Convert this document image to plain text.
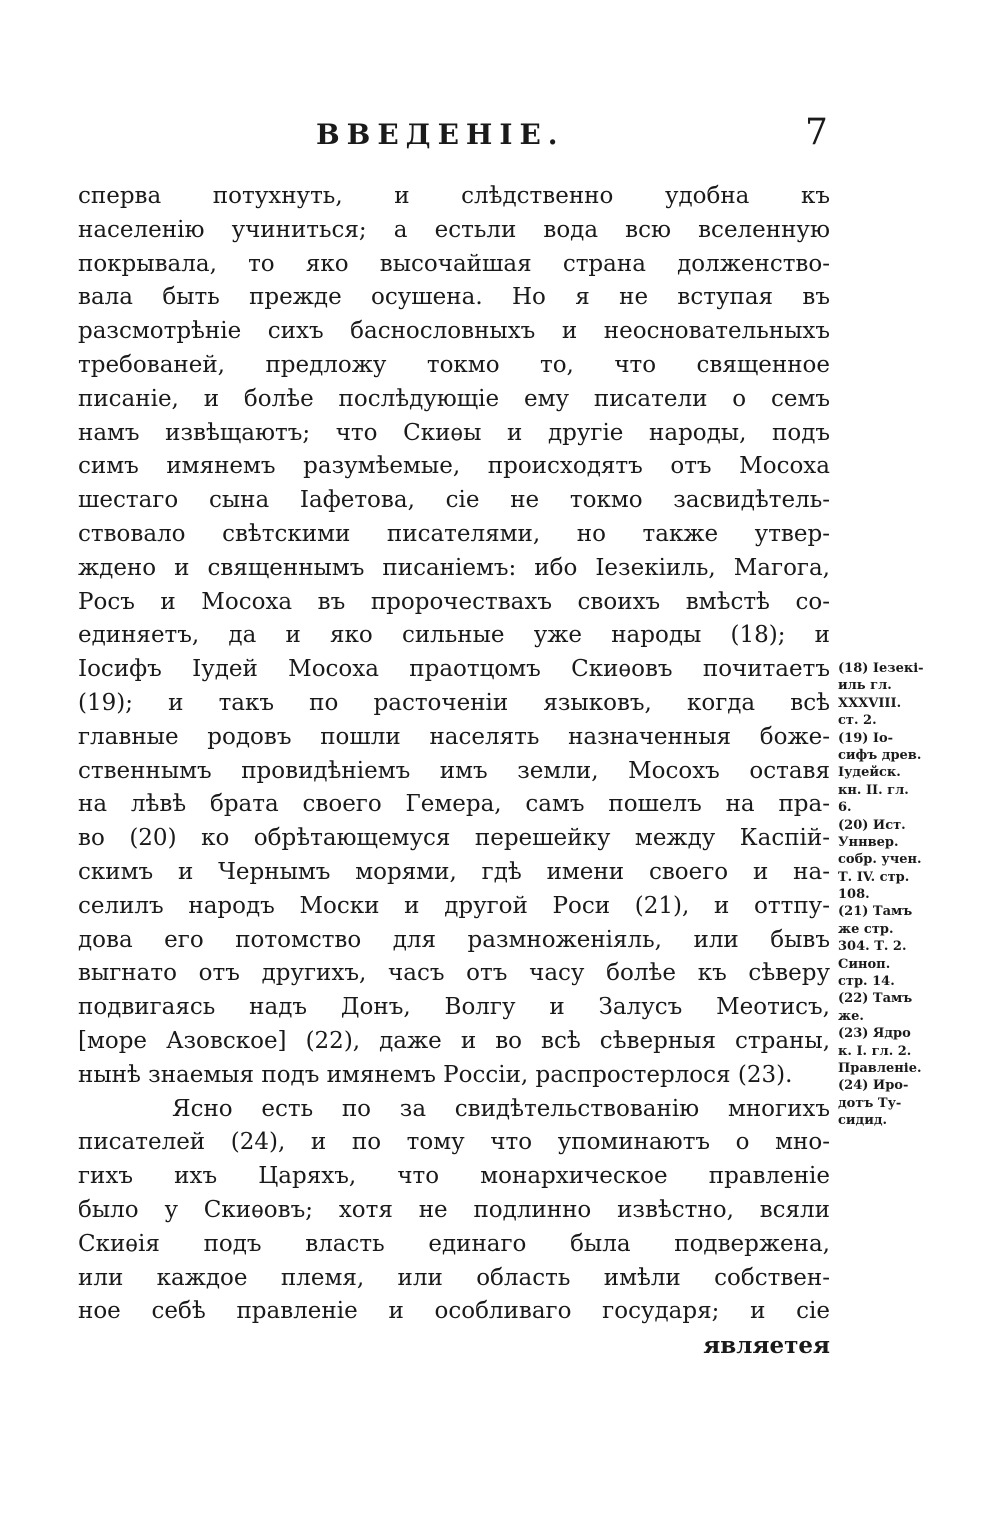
ВВЕДЕНІЕ.	7
сперва потухнуть, и слѣдственно удобна къ
населенію учиниться; а естьли вода всю вселенную
покрывала, то яко высочайшая страна долженство-
вала быть прежде осушена. Но я не вступая въ
разсмотрѣніе сихъ баснословныхъ и неосновательныхъ
требованей, предложу токмо то, что священное
писаніе, и болѣе послѣдующіе ему писатели о семъ
намъ извѣщаютъ; что Скиѳы и другіе народы, подъ
симъ имянемъ разумѣемые, происходятъ отъ Мосоха
шестаго сына Іафетова, сіе не токмо засвидѣтель-
ствовало свѣтскими писателями, но также утвер-
ждено и священнымъ писаніемъ: ибо Іезекіиль, Магога,
Росъ и Мосоха въ пророчествахъ своихъ вмѣстѣ со-
единяетъ, да и яко сильные уже народы (18); и
Іосифъ Іудей Мосоха праотцомъ Скиѳовъ почитаетъ
(19); и такъ по расточеніи языковъ, когда всѣ
главные родовъ пошли населять назначенныя боже-
ственнымъ провидѣніемъ имъ земли, Мосохъ оставя
на лѣвѣ брата своего Гемера, самъ пошелъ на пра-
во (20) ко обрѣтающемуся перешейку между Каспій-
скимъ и Чернымъ морями, гдѣ имени своего и на-
селилъ народъ Моски и другой Роси (21), и оттпу-
дова его потомство для размноженіяль, или бывъ
выгнато отъ другихъ, часъ отъ часу болѣе къ сѣверу
подвигаясь надъ Донъ, Волгу и Залусъ Меотисъ,
[море Азовское] (22), даже и во всѣ сѣверныя страны,
нынѣ знаемыя подъ имянемъ Россіи, распростерлося (23).
Ясно есть по за свидѣтельствованію многихъ
писателей (24), и по тому что упоминаютъ о мно-
гихъ ихъ Царяхъ, что монархическое правленіе
было у Скиѳовъ; хотя не подлинно извѣстно, всяли
Скиѳія подъ власть единаго была подвержена,
или каждое племя, или область имѣли собствен-
ное себѣ правленіе и особливаго государя; и сіе
являетея
(18) Іезекі-
иль гл.
XXXVIII.
ст. 2.
(19) Іо-
сифъ древ.
Іудейск.
кн. II. гл.
6.
(20) Ист.
Уннвер.
собр. учен.
Т. IV. стр.
108.
(21) Тамъ
же стр.
304. Т. 2.
Синоп.
стр. 14.
(22) Тамъ
же.
(23) Ядро
к. I. гл. 2.
Правленіе.
(24) Иро-
дотъ Ту-
сидид.
